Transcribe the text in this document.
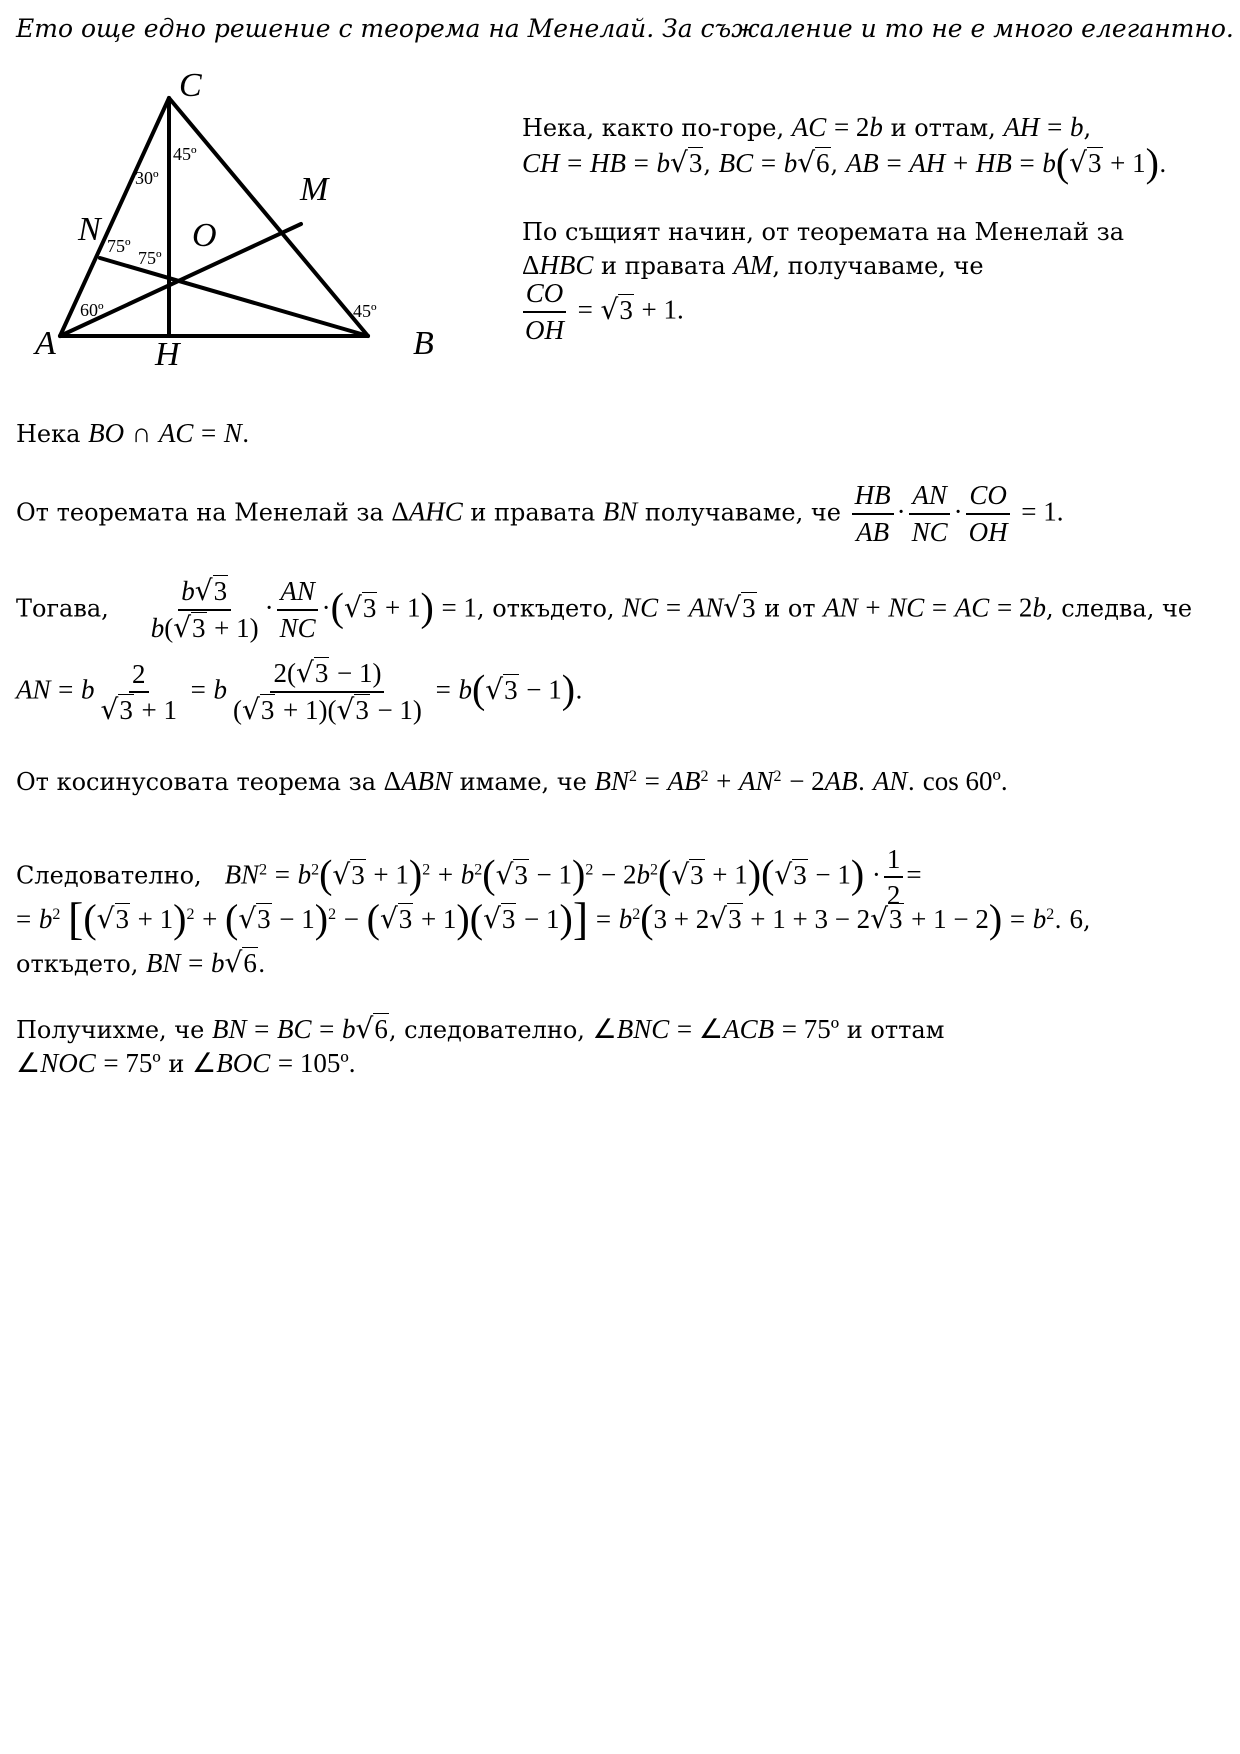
Ето още едно решение с теорема на Менелай. За съжаление и то не е много елегантно.
C
M
N	O
A	H	B
30º
45º
75º
75º
60º	45º
Нека, както по-горе, AC = 2b и оттам, AH = b,
CH = HB = b√3, BC = b√6, AB = AH + HB = b(√3 + 1).
По същият начин, от теоремата на Менелай за
ΔHBC и правата AM, получаваме, че
$\frac{CO}{OH} = √3 + 1$.
Нека BO ∩ AC = N.
От теоремата на Менелай за ΔAHC и правата BN получаваме, че $\frac{HB}{AB} \cdot \frac{AN}{NC} \cdot \frac{CO}{OH} = 1$.
Тогава, $\frac{b√3}{b(√3 + 1)} \cdot \frac{AN}{NC} \cdot(√3 + 1) = 1$, откъдето, NC = AN√3 и от AN + NC = AC = 2b, следва, че
AN = b $\frac{2}{√3 + 1} = b \frac{2(√3 - 1)}{(√3 + 1)(√3 - 1)} = b(√3 - 1)$.
От косинусовата теорема за ΔABN имаме, че $BN^2 = AB^2 + AN^2 - 2AB$. AN. cos 60º.
Следователно, $BN^2 = b^2(√3 + 1)^2 + b^2(√3 - 1)^2 - 2b^2(√3 + 1)(√3 - 1) \cdot \frac{1}{2}$ =
= $b^2$ $[(√3 + 1)^2 + (√3 - 1)^2 - (√3 + 1)(√3 - 1)] = b^2(3 + 2√3 + 1 + 3 - 2√3 + 1 - 2) = b^2$. 6,
откъдето, BN = b√6.
Получихме, че BN = BC = b√6, следователно, ∠BNC = ∠ACB = 75º и оттам
∠NOC = 75º и ∠BOC = 105º.
